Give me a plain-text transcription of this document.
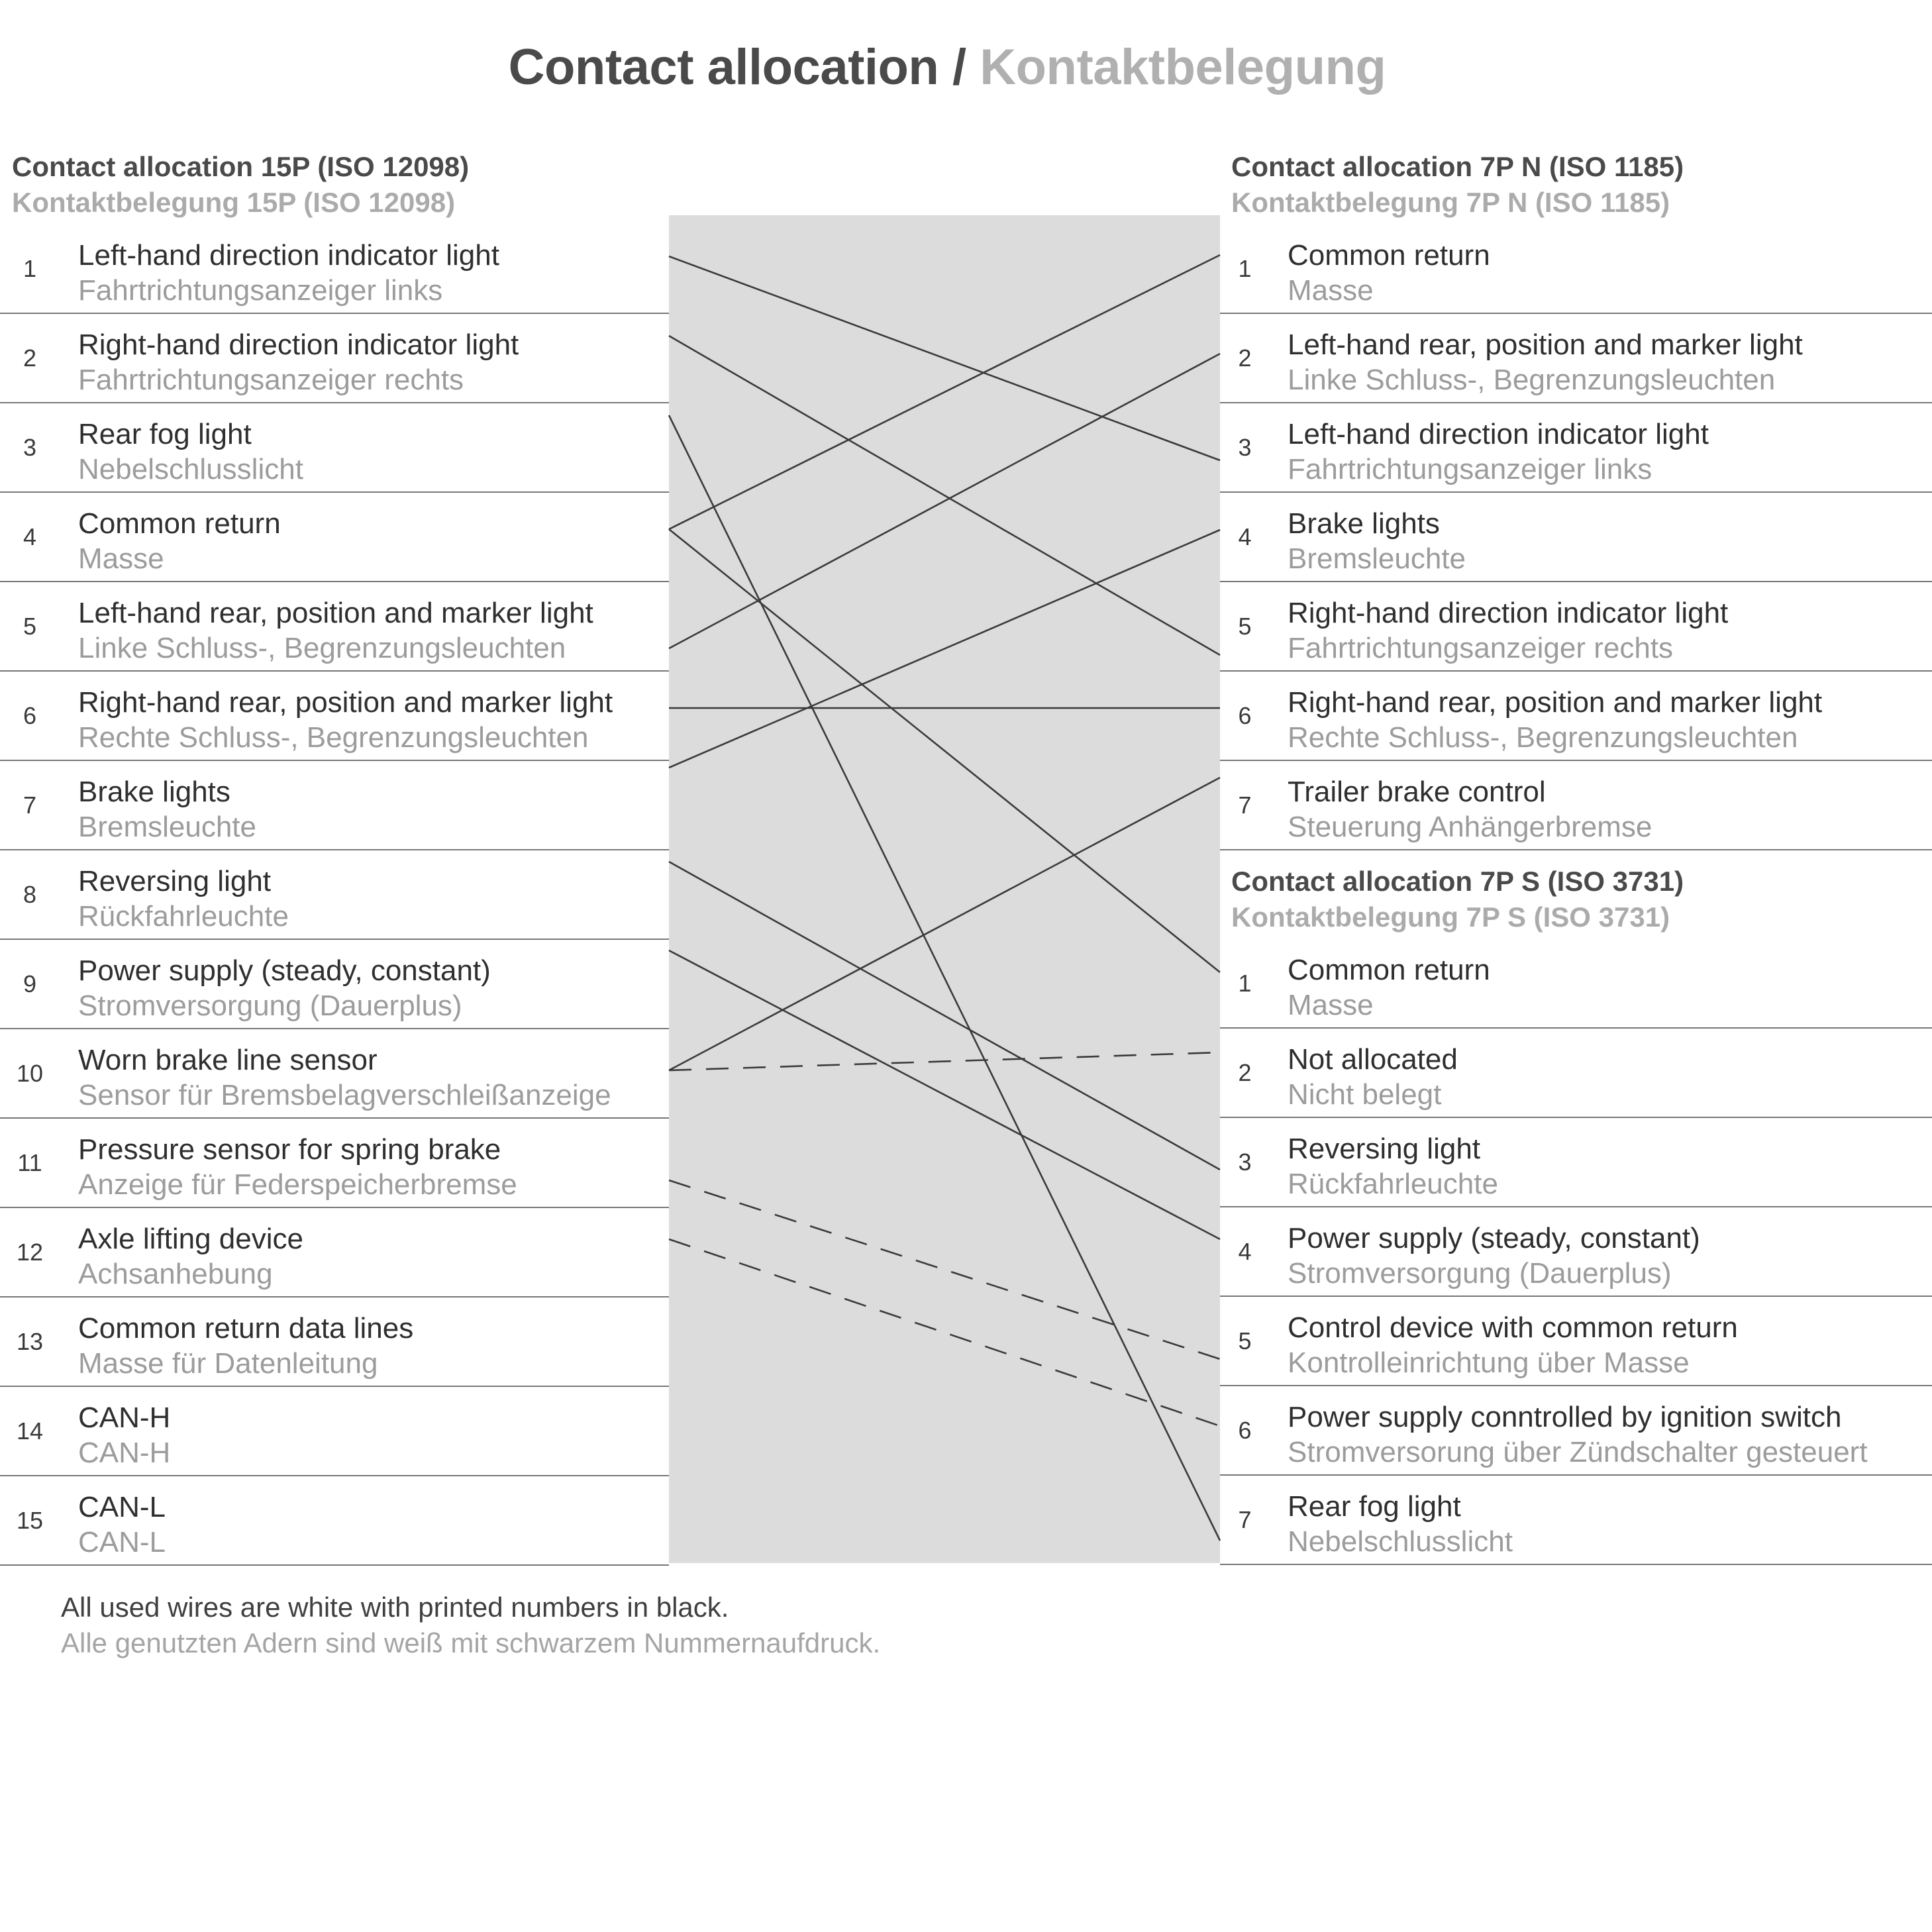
Contact allocation / Kontaktbelegung
Contact allocation 15P (ISO 12098)
Kontaktbelegung 15P (ISO 12098)
Contact allocation 7P N (ISO 1185)
Kontaktbelegung 7P N (ISO 1185)
Contact allocation 7P S (ISO 3731)
Kontaktbelegung 7P S (ISO 3731)
1	Left-hand direction indicator light
Fahrtrichtungsanzeiger links
2	Right-hand direction indicator light
Fahrtrichtungsanzeiger rechts
3	Rear fog light
Nebelschlusslicht
4	Common return
Masse
5	Left-hand rear, position and marker light
Linke Schluss-, Begrenzungsleuchten
6	Right-hand rear, position and marker light
Rechte Schluss-, Begrenzungsleuchten
7	Brake lights
Bremsleuchte
8	Reversing light
Rückfahrleuchte
9	Power supply (steady, constant)
Stromversorgung (Dauerplus)
10	Worn brake line sensor
Sensor für Bremsbelagverschleißanzeige
11	Pressure sensor for spring brake
Anzeige für Federspeicherbremse
12	Axle lifting device
Achsanhebung
13	Common return data lines
Masse für Datenleitung
14	CAN-H
CAN-H
15	CAN-L
CAN-L
1	Common return
Masse
2	Left-hand rear, position and marker light
Linke Schluss-, Begrenzungsleuchten
3	Left-hand direction indicator light
Fahrtrichtungsanzeiger links
4	Brake lights
Bremsleuchte
5	Right-hand direction indicator light
Fahrtrichtungsanzeiger rechts
6	Right-hand rear, position and marker light
Rechte Schluss-, Begrenzungsleuchten
7	Trailer brake control
Steuerung Anhängerbremse
1	Common return
Masse
2	Not allocated
Nicht belegt
3	Reversing light
Rückfahrleuchte
4	Power supply (steady, constant)
Stromversorgung (Dauerplus)
5	Control device with common return
Kontrolleinrichtung über Masse
6	Power supply conntrolled by ignition switch
Stromversorung über Zündschalter gesteuert
7	Rear fog light
Nebelschlusslicht
All used wires are white with printed numbers in black.
Alle genutzten Adern sind weiß mit schwarzem Nummernaufdruck.
